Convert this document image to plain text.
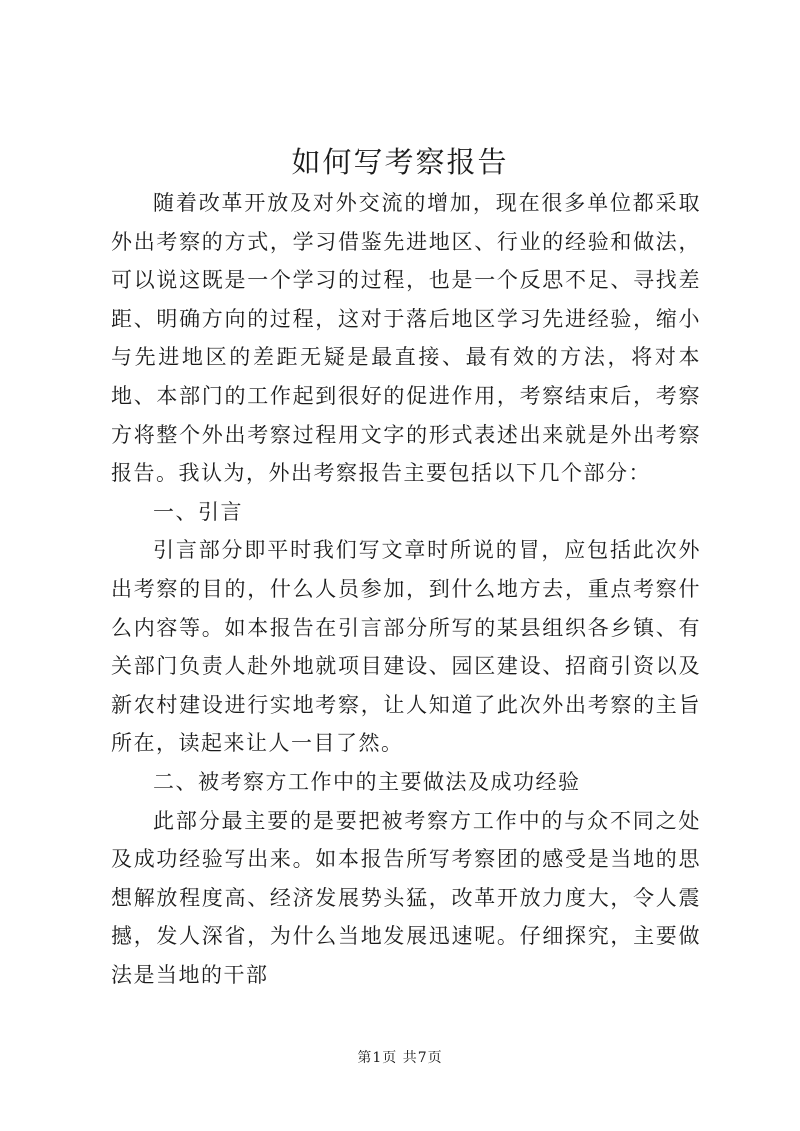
如何写考察报告

随着改革开放及对外交流的增加，现在很多单位都采取外出考察的方式，学习借鉴先进地区、行业的经验和做法，可以说这既是一个学习的过程，也是一个反思不足、寻找差距、明确方向的过程，这对于落后地区学习先进经验，缩小与先进地区的差距无疑是最直接、最有效的方法，将对本地、本部门的工作起到很好的促进作用，考察结束后，考察方将整个外出考察过程用文字的形式表述出来就是外出考察报告。我认为，外出考察报告主要包括以下几个部分：

一、引言

引言部分即平时我们写文章时所说的冒，应包括此次外出考察的目的，什么人员参加，到什么地方去，重点考察什么内容等。如本报告在引言部分所写的某县组织各乡镇、有关部门负责人赴外地就项目建设、园区建设、招商引资以及新农村建设进行实地考察，让人知道了此次外出考察的主旨所在，读起来让人一目了然。

二、被考察方工作中的主要做法及成功经验

此部分最主要的是要把被考察方工作中的与众不同之处及成功经验写出来。如本报告所写考察团的感受是当地的思想解放程度高、经济发展势头猛，改革开放力度大，令人震撼，发人深省，为什么当地发展迅速呢。仔细探究，主要做法是当地的干部

第1页 共7页
